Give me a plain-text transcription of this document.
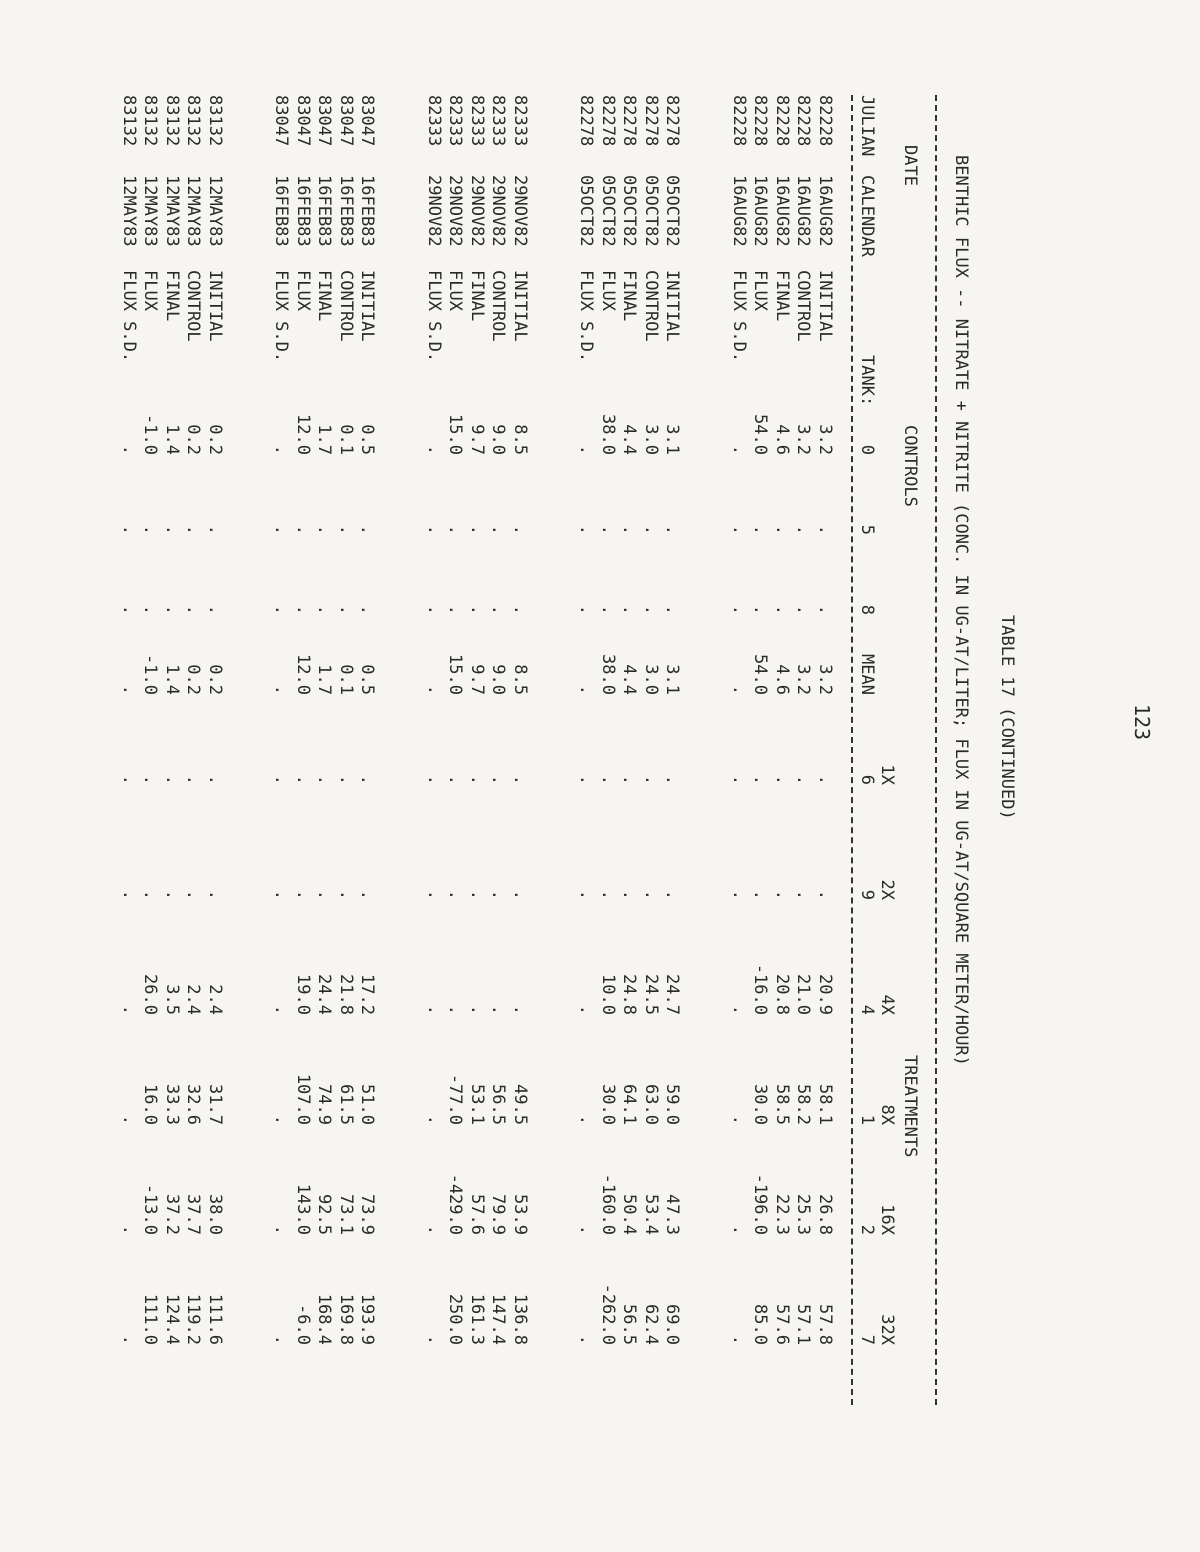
123

TABLE 17 (CONTINUED)

BENTHIC FLUX -- NITRATE + NITRITE (CONC. IN UG-AT/LITER; FLUX IN UG-AT/SQUARE METER/HOUR)

DATE

CONTROLS

TREATMENTS

JULIAN

CALENDAR

TANK:

0
5
8
MEAN
1X
6
2X
9
4X
4
8X
1
16X
2
32X
7
82228
16AUG82
INITIAL
3.2
.
.
3.2
.
.
20.9
58.1
26.8
57.8
82228
16AUG82
CONTROL
3.2
.
.
3.2
.
.
21.0
58.2
25.3
57.1
82228
16AUG82
FINAL
4.6
.
.
4.6
.
.
20.8
58.5
22.3
57.6
82228
16AUG82
FLUX
54.0
.
.
54.0
.
.
-16.0
30.0
-196.0
85.0
82228
16AUG82
FLUX S.D.
.
.
.
.
.
.
.
.
.
.
82278
05OCT82
INITIAL
3.1
.
.
3.1
.
.
24.7
59.0
47.3
69.0
82278
05OCT82
CONTROL
3.0
.
.
3.0
.
.
24.5
63.0
53.4
62.4
82278
05OCT82
FINAL
4.4
.
.
4.4
.
.
24.8
64.1
50.4
56.5
82278
05OCT82
FLUX
38.0
.
.
38.0
.
.
10.0
30.0
-160.0
-262.0
82278
05OCT82
FLUX S.D.
.
.
.
.
.
.
.
.
.
.
82333
29NOV82
INITIAL
8.5
.
.
8.5
.
.
.
49.5
53.9
136.8
82333
29NOV82
CONTROL
9.0
.
.
9.0
.
.
.
56.5
79.9
147.4
82333
29NOV82
FINAL
9.7
.
.
9.7
.
.
.
53.1
57.6
161.3
82333
29NOV82
FLUX
15.0
.
.
15.0
.
.
.
-77.0
-429.0
250.0
82333
29NOV82
FLUX S.D.
.
.
.
.
.
.
.
.
.
.
83047
16FEB83
INITIAL
0.5
.
.
0.5
.
.
17.2
51.0
73.9
193.9
83047
16FEB83
CONTROL
0.1
.
.
0.1
.
.
21.8
61.5
73.1
169.8
83047
16FEB83
FINAL
1.7
.
.
1.7
.
.
24.4
74.9
92.5
168.4
83047
16FEB83
FLUX
12.0
.
.
12.0
.
.
19.0
107.0
143.0
-6.0
83047
16FEB83
FLUX S.D.
.
.
.
.
.
.
.
.
.
.
83132
12MAY83
INITIAL
0.2
.
.
0.2
.
.
2.4
31.7
38.0
111.6
83132
12MAY83
CONTROL
0.2
.
.
0.2
.
.
2.4
32.6
37.7
119.2
83132
12MAY83
FINAL
1.4
.
.
1.4
.
.
3.5
33.3
37.2
124.4
83132
12MAY83
FLUX
-1.0
.
.
-1.0
.
.
26.0
16.0
-13.0
111.0
83132
12MAY83
FLUX S.D.
.
.
.
.
.
.
.
.
.
.
